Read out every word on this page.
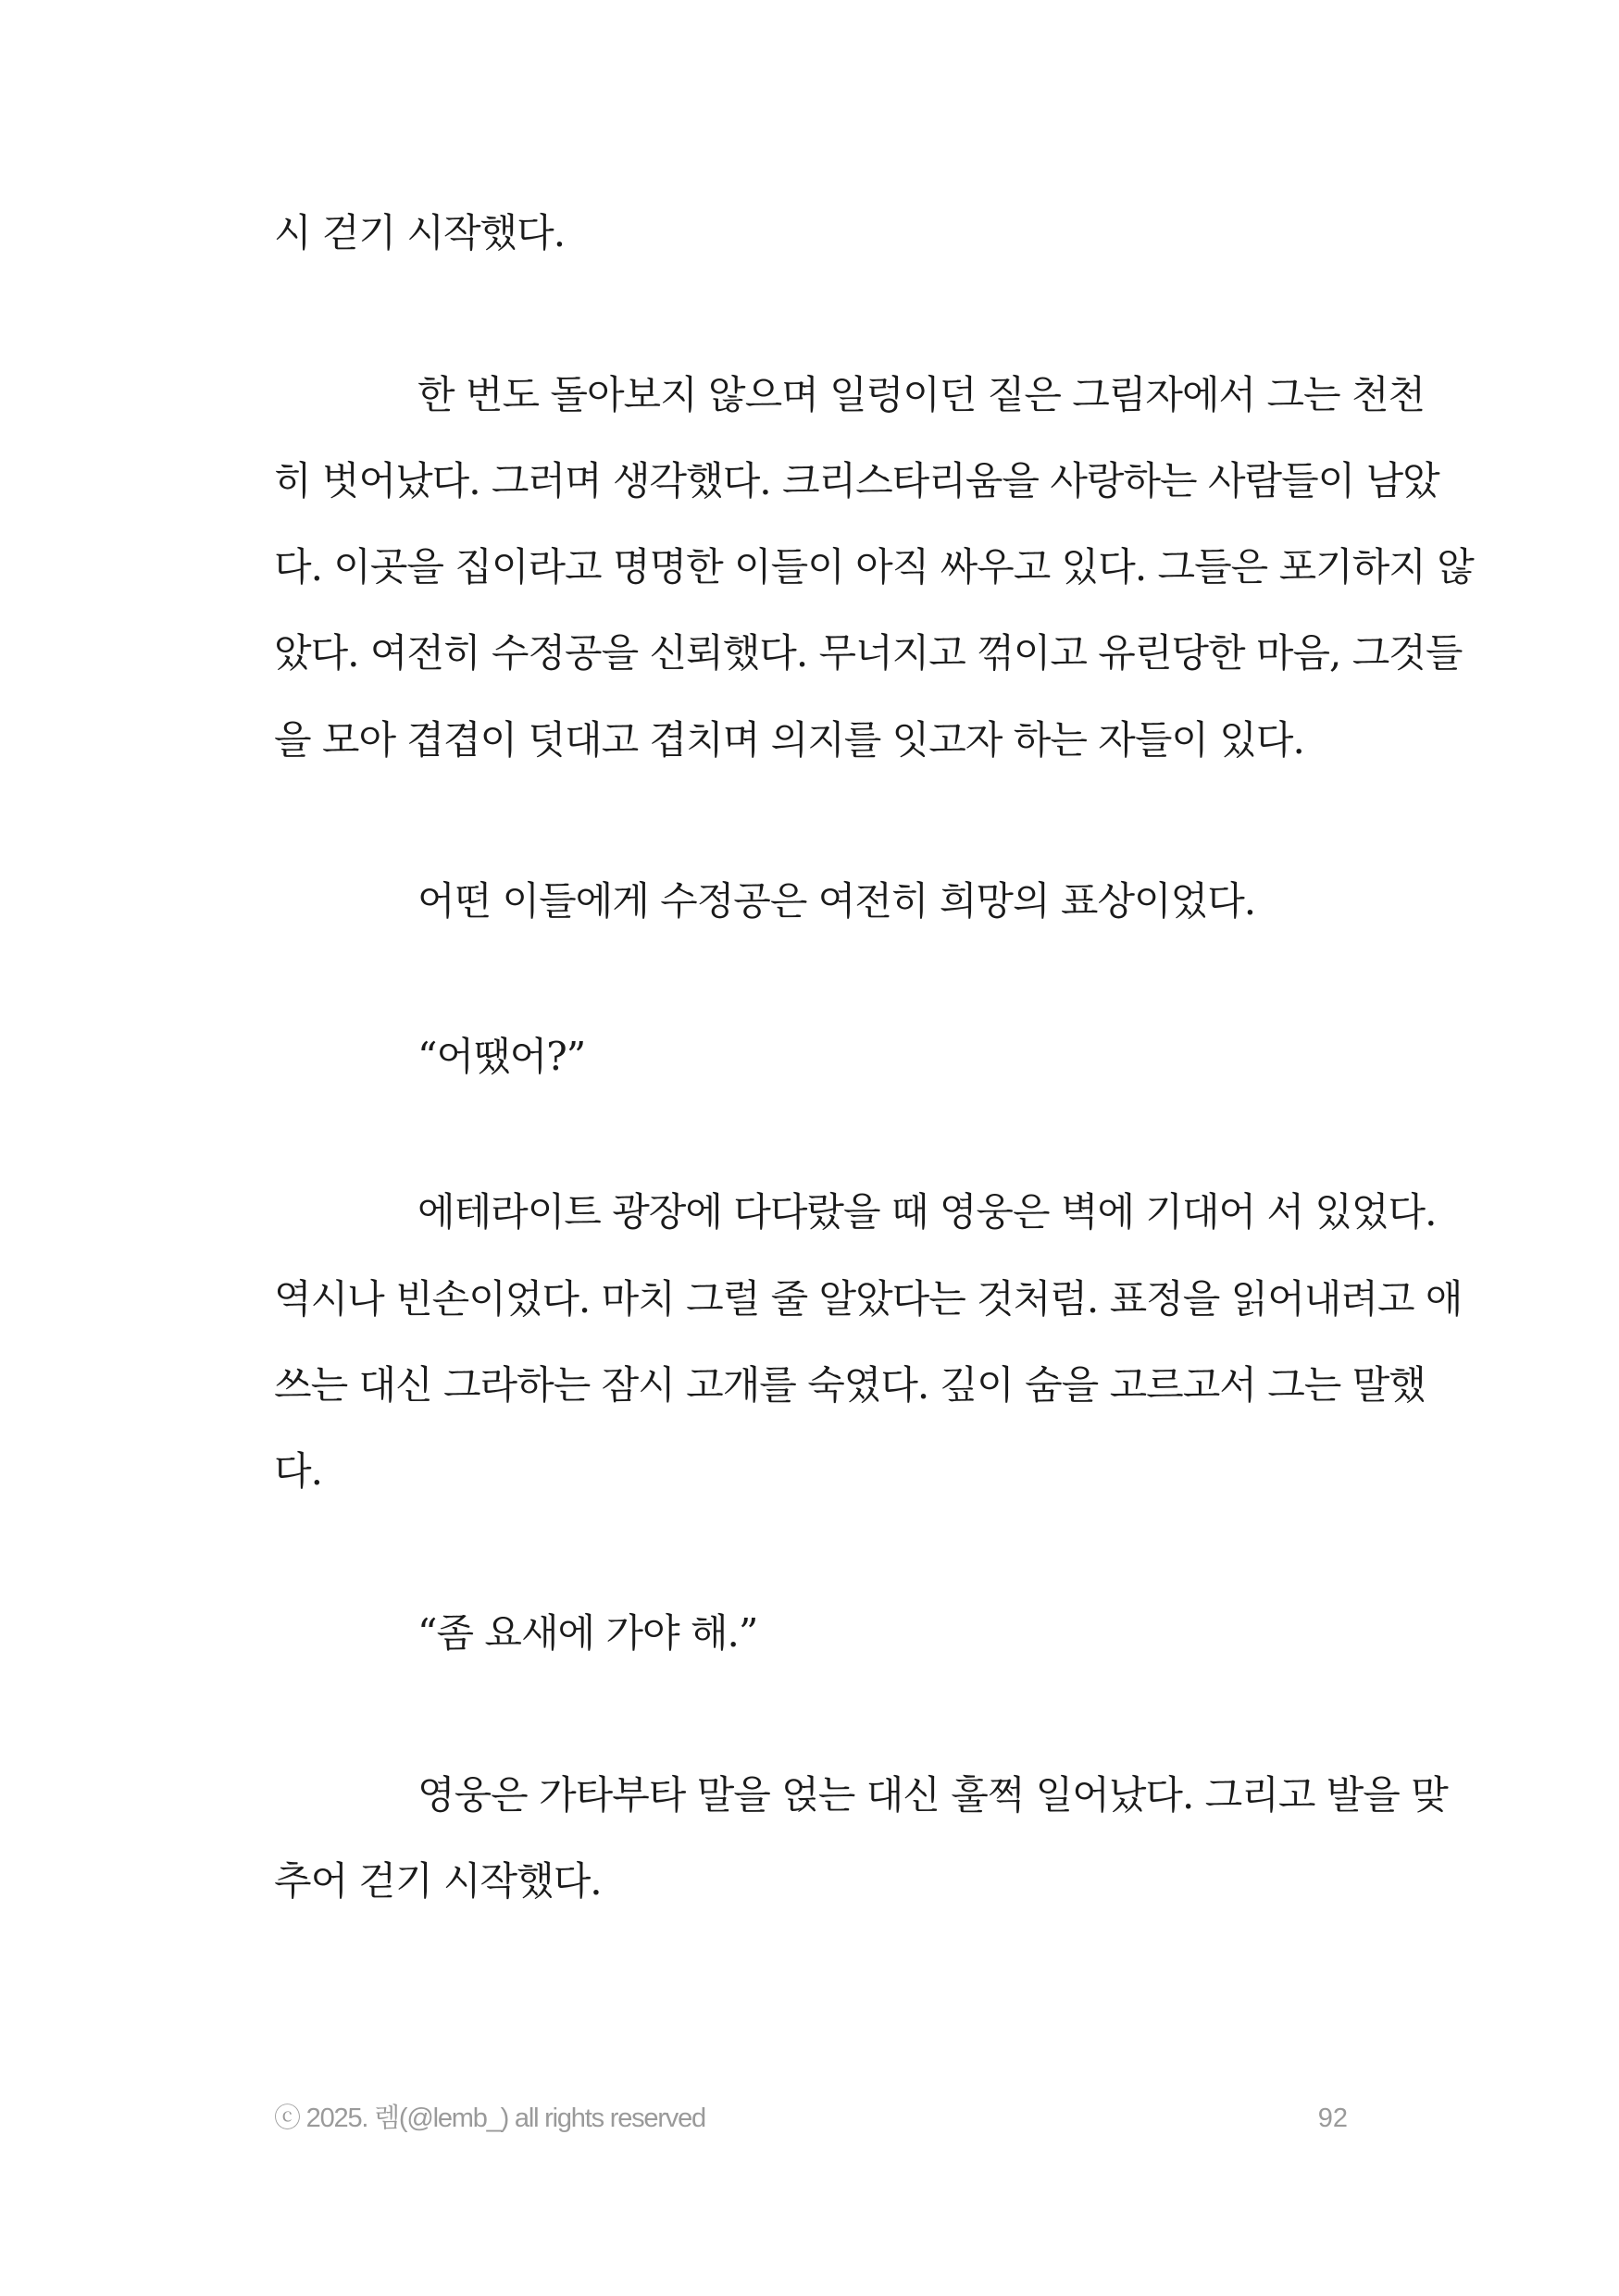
시 걷기 시작했다.
한 번도 돌아보지 않으며 일렁이던 짙은 그림자에서 그는 천천
히 벗어났다. 그러며 생각했다. 크리스타리움을 사랑하는 사람들이 남았
다. 이곳을 집이라고 명명한 이들이 아직 싸우고 있다. 그들은 포기하지 않
았다. 여전히 수정공을 신뢰했다. 무너지고 꺾이고 유린당한 마음, 그것들
을 모아 겹겹이 덧대고 겹치며 의지를 잇고자 하는 자들이 있다.
어떤 이들에게 수정공은 여전히 희망의 표상이었다.
“어땠어?”
에테라이트 광장에 다다랐을 때 영웅은 벽에 기대어 서 있었다.
역시나 빈손이었다. 마치 그럴 줄 알았다는 것처럼. 표정을 읽어내려고 애
쓰는 대신 그라하는 잠시 고개를 숙였다. 깊이 숨을 고르고서 그는 말했
다.
“좀 요새에 가야 해.”
영웅은 가타부타 말을 얹는 대신 훌쩍 일어났다. 그리고 발을 맞
추어 걷기 시작했다.
ⓒ 2025. 렘(@lemb_) all rights reserved	92
